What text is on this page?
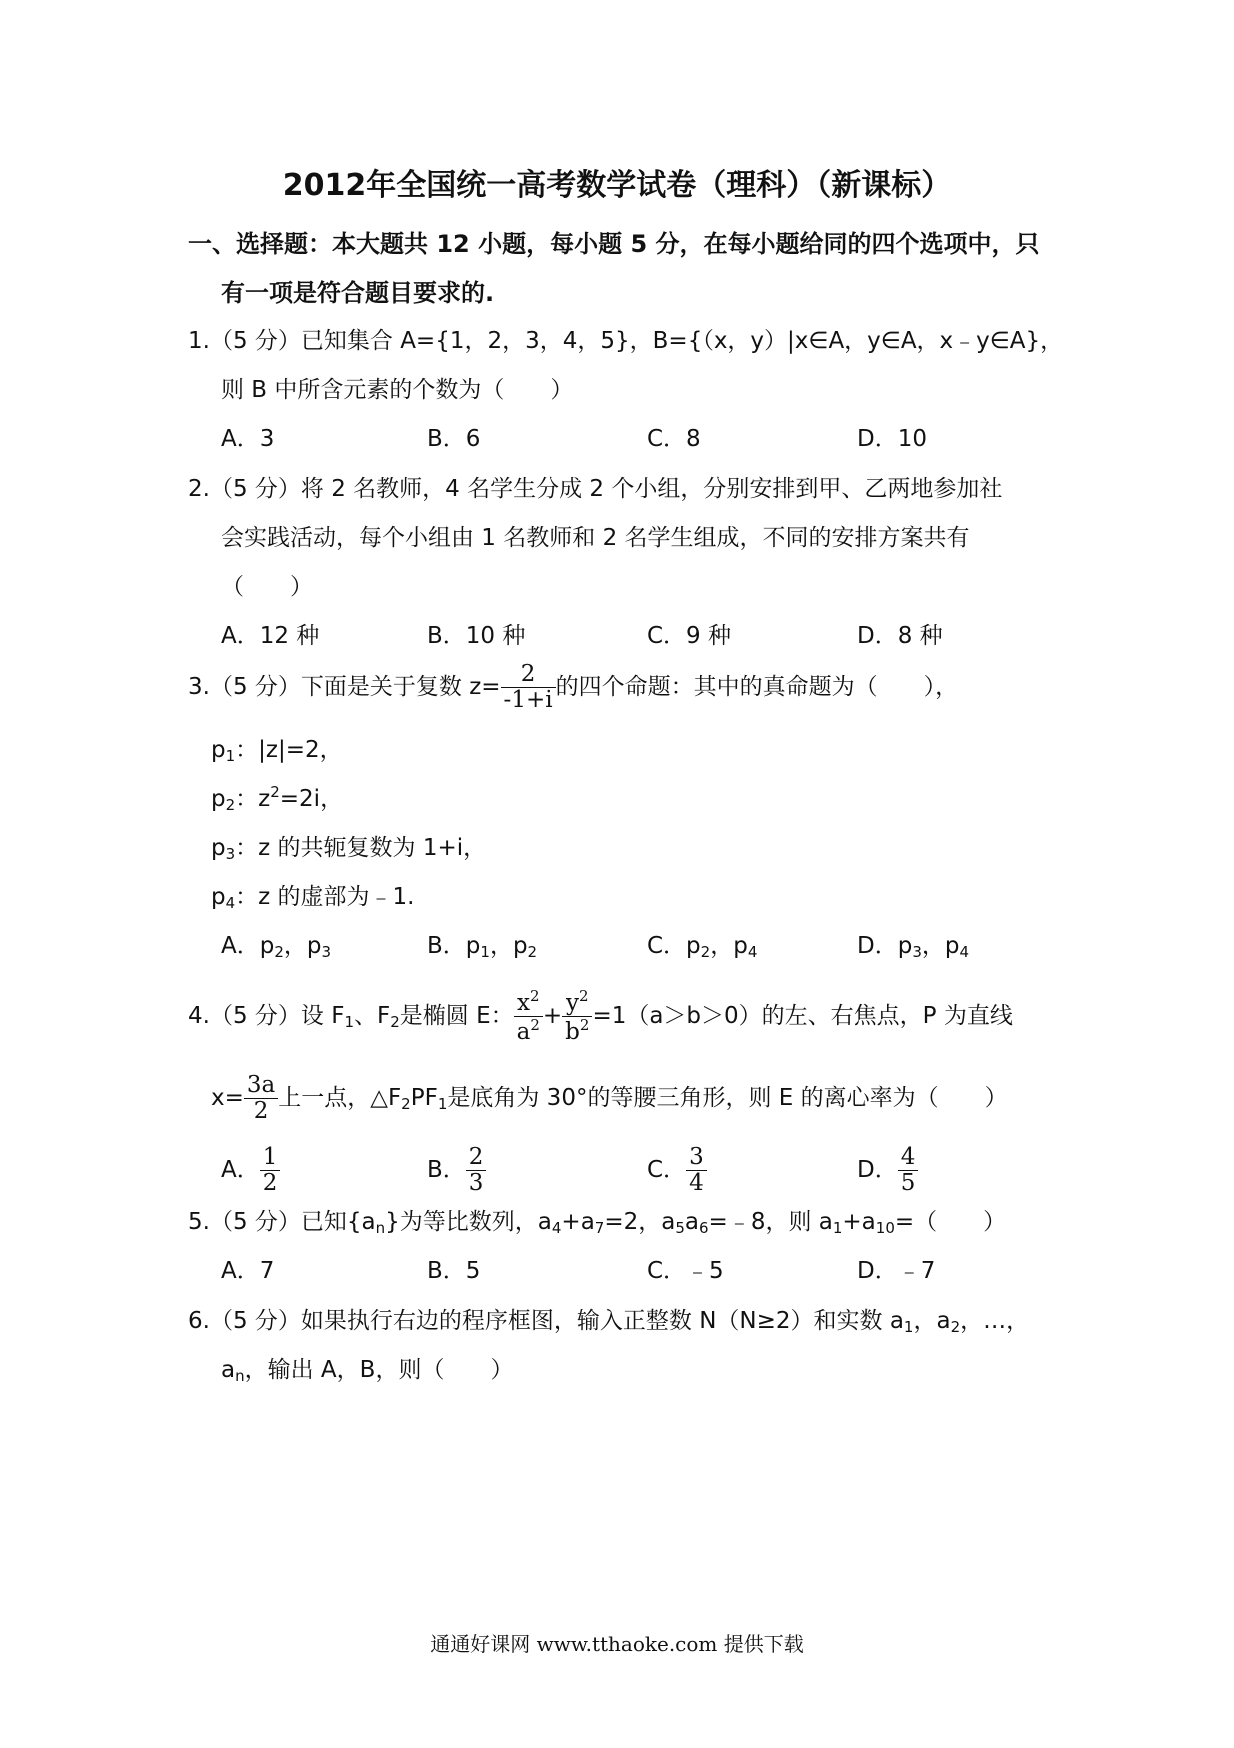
2012年全国统一高考数学试卷（理科）（新课标）
一、选择题：本大题共 12 小题，每小题 5 分，在每小题给同的四个选项中，只
有一项是符合题目要求的.
1.（5 分）已知集合 A={1，2，3，4，5}，B={（x，y）|x∈A，y∈A，x﹣y∈A}，
则 B 中所含元素的个数为（　　）
A．3	B．6	C．8	D．10
2.（5 分）将 2 名教师，4 名学生分成 2 个小组，分别安排到甲、乙两地参加社
会实践活动，每个小组由 1 名教师和 2 名学生组成，不同的安排方案共有
（　　）
A．12 种	B．10 种	C．9 种	D．8 种
3.（5 分）下面是关于复数 $z= \frac{2}{-1+i}$ 的四个命题：其中的真命题为（　　），
$p_1$：|z|=2，
$p_2$：$z^2=2i$，
$p_3$：z 的共轭复数为 1+i，
$p_4$：z 的虚部为﹣1.
A．$p_2$，$p_3$	B．$p_1$，$p_2$	C．$p_2$，$p_4$	D．$p_3$，$p_4$
4.（5 分）设 $F_1$、$F_2$是椭圆 E： $\frac{x^2}{a^2} + \frac{y^2}{b^2} =1(a>b>0)$的左、右焦点，P 为直线
$x= \frac{3a}{2}$ 上一点，$\triangle F_2PF_1$是底角为 30°的等腰三角形，则 E 的离心率为（　　）
A． $\frac{1}{2}$	B． $\frac{2}{3}$	C． $\frac{3}{4}$	D． $\frac{4}{5}$
5.（5 分）已知$\{a_n\}$为等比数列，$a_4+a_7=2$，$a_5a_6=﹣8$，则 $a_1+a_{10}=$（　　）
A．7	B．5	C．﹣5	D．﹣7
6.（5 分）如果执行右边的程序框图，输入正整数 N（N≥2）和实数 $a_1$，$a_2$，…，
$a_n$，输出 A，B，则（　　）
通通好课网 www.tthaoke.com 提供下载
